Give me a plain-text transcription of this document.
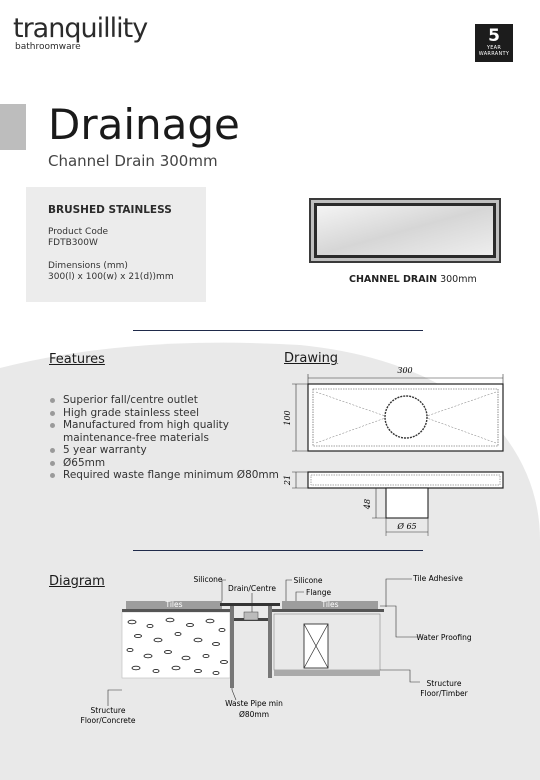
tranquillity
bathroomware
5
YEAR
WARRANTY
Drainage
Channel Drain 300mm
BRUSHED STAINLESS
Product Code
FDTB300W
Dimensions (mm)
300(l) x 100(w) x 21(d))mm	CHANNEL DRAIN 300mm
Features
Superior fall/centre outlet
High grade stainless steel
Manufactured from high quality
maintenance-free materials
5 year warranty
Ø65mm
Required waste flange minimum Ø80mm
Drawing
300
100
21
48
Ø 65
Diagram	Silicone
Drain/Centre
Silicone
Flange
Tile Adhesive
Tiles	Tiles
Water Proofing
Structure
Floor/Timber
Structure
Floor/Concrete
Waste Pipe min
Ø80mm
